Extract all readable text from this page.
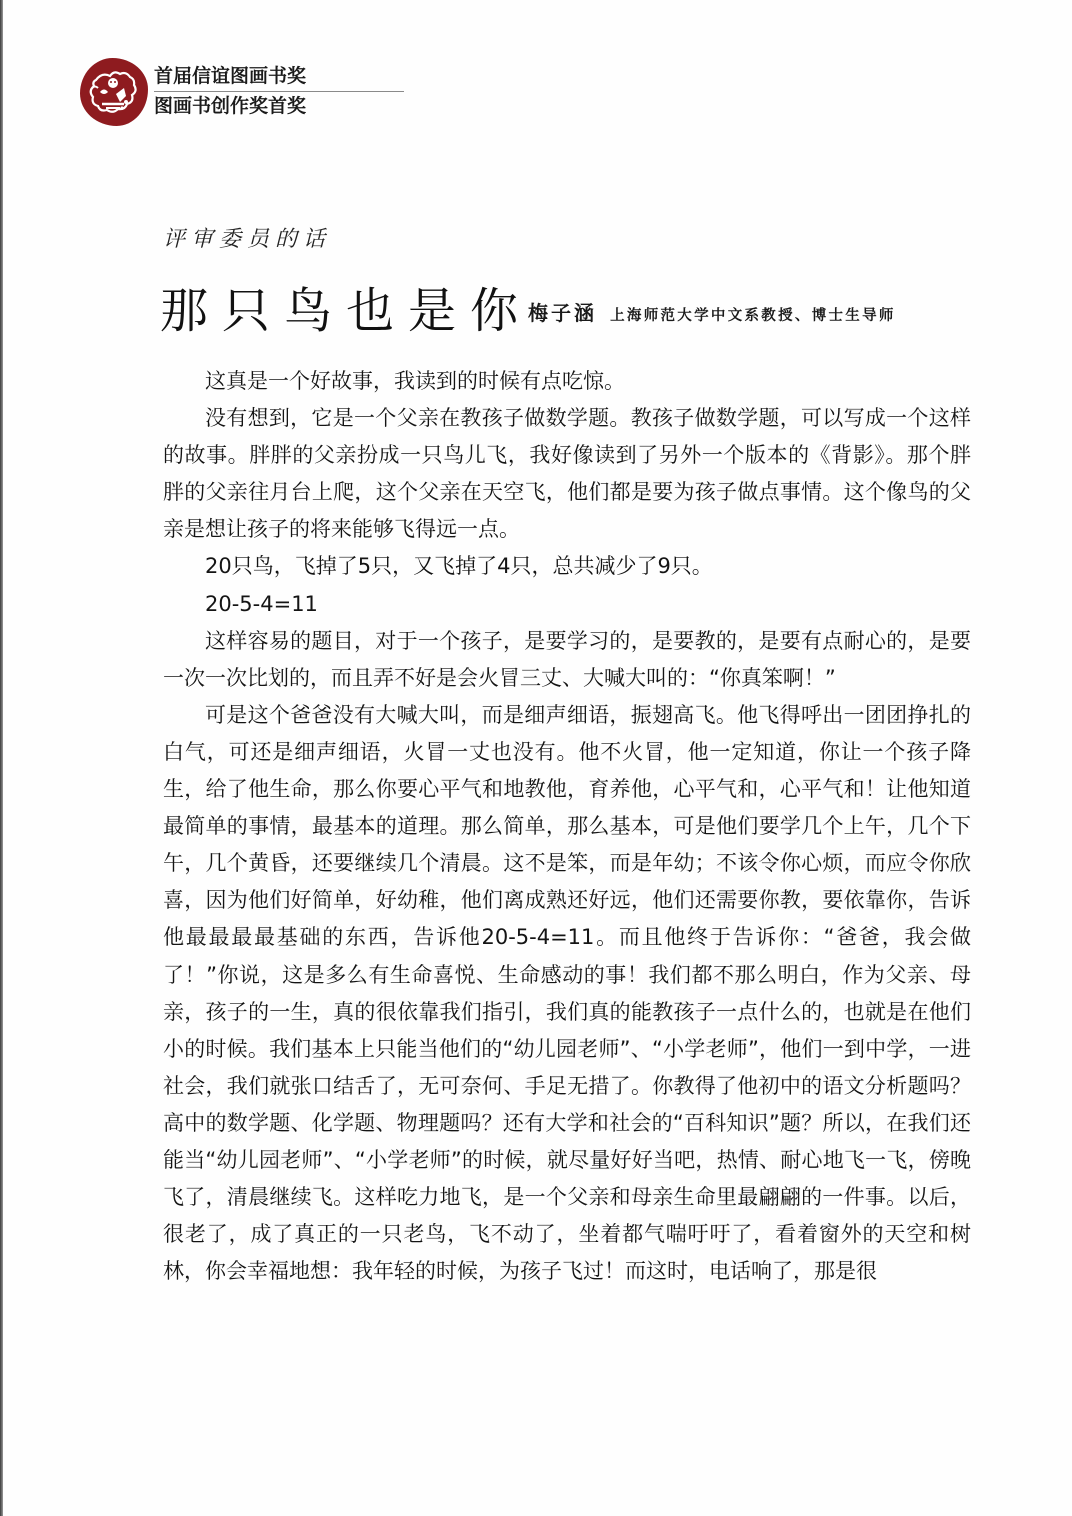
首届信谊图画书奖
图画书创作奖首奖
评审委员的话
那只鸟也是你
梅子涵 上海师范大学中文系教授、博士生导师

这真是一个好故事，我读到的时候有点吃惊。

没有想到，它是一个父亲在教孩子做数学题。教孩子做数学题，可以写成一个这样的故事。胖胖的父亲扮成一只鸟儿飞，我好像读到了另外一个版本的《背影》。那个胖胖的父亲往月台上爬，这个父亲在天空飞，他们都是要为孩子做点事情。这个像鸟的父亲是想让孩子的将来能够飞得远一点。

20只鸟，飞掉了5只，又飞掉了4只，总共减少了9只。

20-5-4=11

这样容易的题目，对于一个孩子，是要学习的，是要教的，是要有点耐心的，是要一次一次比划的，而且弄不好是会火冒三丈、大喊大叫的：“你真笨啊！”

可是这个爸爸没有大喊大叫，而是细声细语，振翅高飞。他飞得呼出一团团挣扎的白气，可还是细声细语，火冒一丈也没有。他不火冒，他一定知道，你让一个孩子降生，给了他生命，那么你要心平气和地教他，育养他，心平气和，心平气和！让他知道最简单的事情，最基本的道理。那么简单，那么基本，可是他们要学几个上午，几个下午，几个黄昏，还要继续几个清晨。这不是笨，而是年幼；不该令你心烦，而应令你欣喜，因为他们好简单，好幼稚，他们离成熟还好远，他们还需要你教，要依靠你，告诉他最最最最基础的东西，告诉他20-5-4=11。而且他终于告诉你：“爸爸，我会做了！”你说，这是多么有生命喜悦、生命感动的事！我们都不那么明白，作为父亲、母亲，孩子的一生，真的很依靠我们指引，我们真的能教孩子一点什么的，也就是在他们小的时候。我们基本上只能当他们的“幼儿园老师”、“小学老师”，他们一到中学，一进社会，我们就张口结舌了，无可奈何、手足无措了。你教得了他初中的语文分析题吗？高中的数学题、化学题、物理题吗？还有大学和社会的“百科知识”题？所以，在我们还能当“幼儿园老师”、“小学老师”的时候，就尽量好好当吧，热情、耐心地飞一飞，傍晚飞了，清晨继续飞。这样吃力地飞，是一个父亲和母亲生命里最翩翩的一件事。以后，很老了，成了真正的一只老鸟，飞不动了，坐着都气喘吁吁了，看着窗外的天空和树林，你会幸福地想：我年轻的时候，为孩子飞过！而这时，电话响了，那是很
